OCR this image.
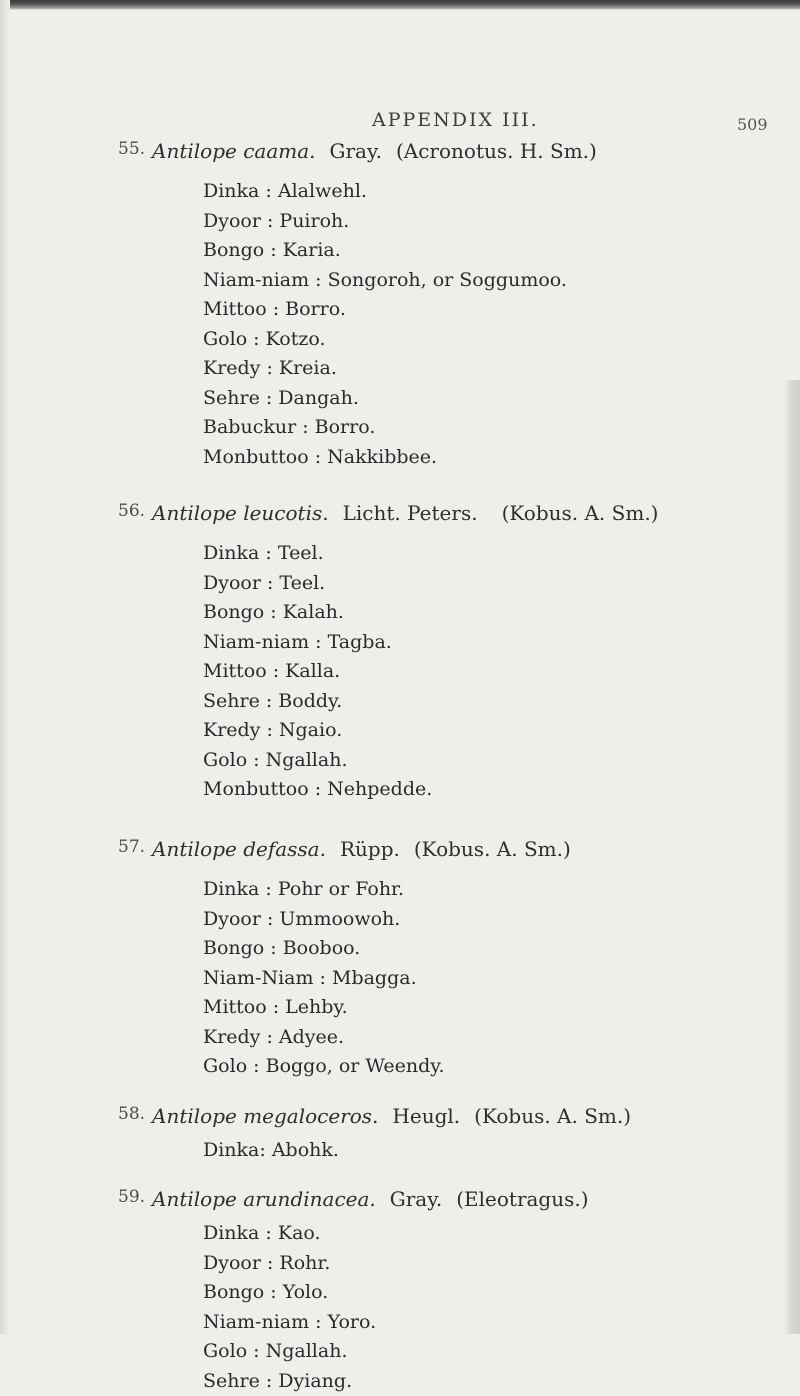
APPENDIX III.	509
55. Antilope caama. Gray. (Acronotus. H. Sm.)
Dinka : Alalwehl.
Dyoor : Puiroh.
Bongo : Karia.
Niam-niam : Songoroh, or Soggumoo.
Mittoo : Borro.
Golo : Kotzo.
Kredy : Kreia.
Sehre : Dangah.
Babuckur : Borro.
Monbuttoo : Nakkibbee.
56. Antilope leucotis. Licht. Peters. (Kobus. A. Sm.)
Dinka : Teel.
Dyoor : Teel.
Bongo : Kalah.
Niam-niam : Tagba.
Mittoo : Kalla.
Sehre : Boddy.
Kredy : Ngaio.
Golo : Ngallah.
Monbuttoo : Nehpedde.
57. Antilope defassa. Rüpp. (Kobus. A. Sm.)
Dinka : Pohr or Fohr.
Dyoor : Ummoowoh.
Bongo : Booboo.
Niam-Niam : Mbagga.
Mittoo : Lehby.
Kredy : Adyee.
Golo : Boggo, or Weendy.
58. Antilope megaloceros. Heugl. (Kobus. A. Sm.)
Dinka: Abohk.
59. Antilope arundinacea. Gray. (Eleotragus.)
Dinka : Kao.
Dyoor : Rohr.
Bongo : Yolo.
Niam-niam : Yoro.
Golo : Ngallah.
Sehre : Dyiang.
